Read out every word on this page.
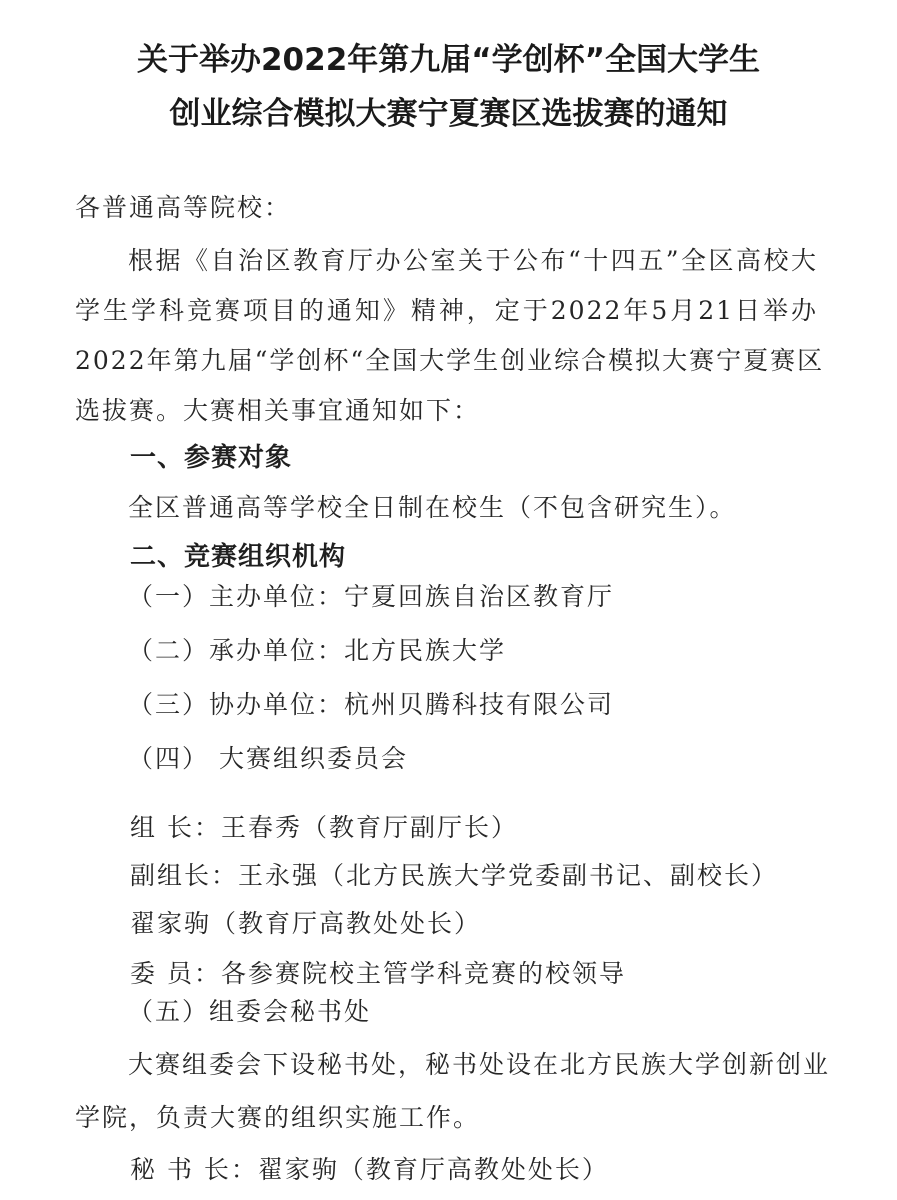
关于举办2022年第九届“学创杯”全国大学生
创业综合模拟大赛宁夏赛区选拔赛的通知
各普通高等院校：
根据《自治区教育厅办公室关于公布“十四五”全区高校大
学生学科竞赛项目的通知》精神，定于2022年5月21日举办
2022年第九届“学创杯“全国大学生创业综合模拟大赛宁夏赛区
选拔赛。大赛相关事宜通知如下：
一、参赛对象
全区普通高等学校全日制在校生（不包含研究生）。
二、竞赛组织机构
（一）主办单位：宁夏回族自治区教育厅
（二）承办单位：北方民族大学
（三）协办单位：杭州贝腾科技有限公司
（四） 大赛组织委员会
组 长：王春秀（教育厅副厅长）
副组长：王永强（北方民族大学党委副书记、副校长）
翟家驹（教育厅高教处处长）
委 员：各参赛院校主管学科竞赛的校领导
（五）组委会秘书处
大赛组委会下设秘书处，秘书处设在北方民族大学创新创业
学院，负责大赛的组织实施工作。
秘 书 长：翟家驹（教育厅高教处处长）
